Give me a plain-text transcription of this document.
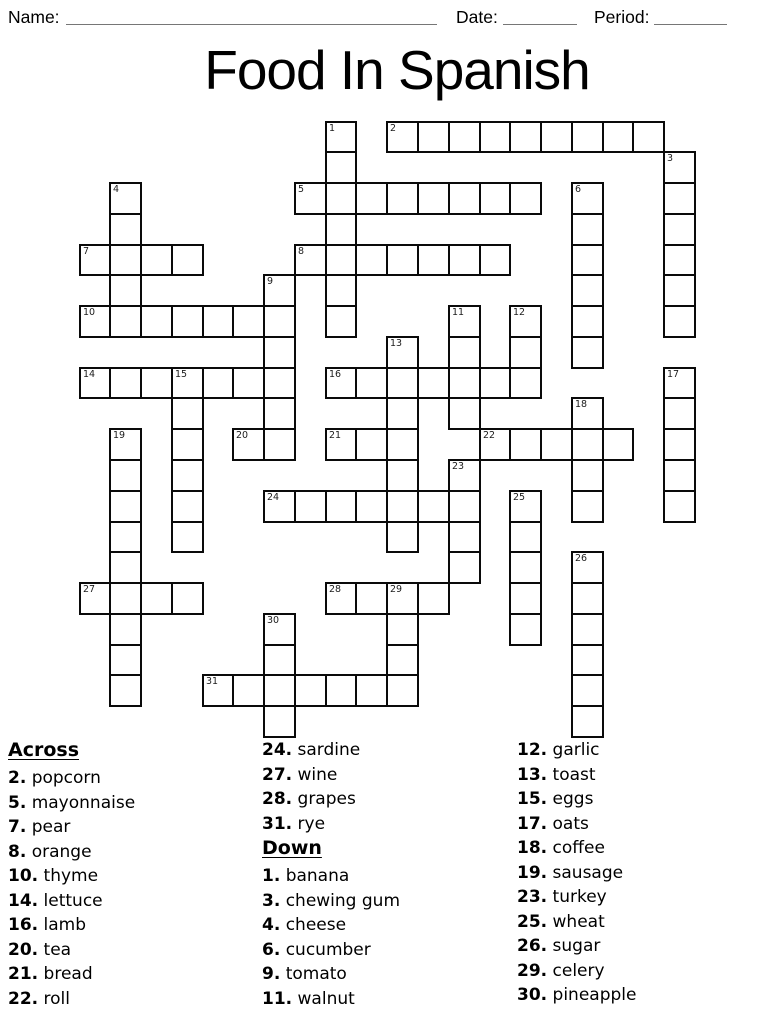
Name:	Date:	Period:
Food In Spanish
2
5
7	8
10
14	15	16
20	21	22
24
27	28	29
31
1
3
4	6
9
11	12
13
17
18
19
23
25
26
30
Across
2. popcorn
5. mayonnaise
7. pear
8. orange
10. thyme
14. lettuce
16. lamb
20. tea
21. bread
22. roll
24. sardine
27. wine
28. grapes
31. rye
Down
1. banana
3. chewing gum
4. cheese
6. cucumber
9. tomato
11. walnut
12. garlic
13. toast
15. eggs
17. oats
18. coffee
19. sausage
23. turkey
25. wheat
26. sugar
29. celery
30. pineapple
